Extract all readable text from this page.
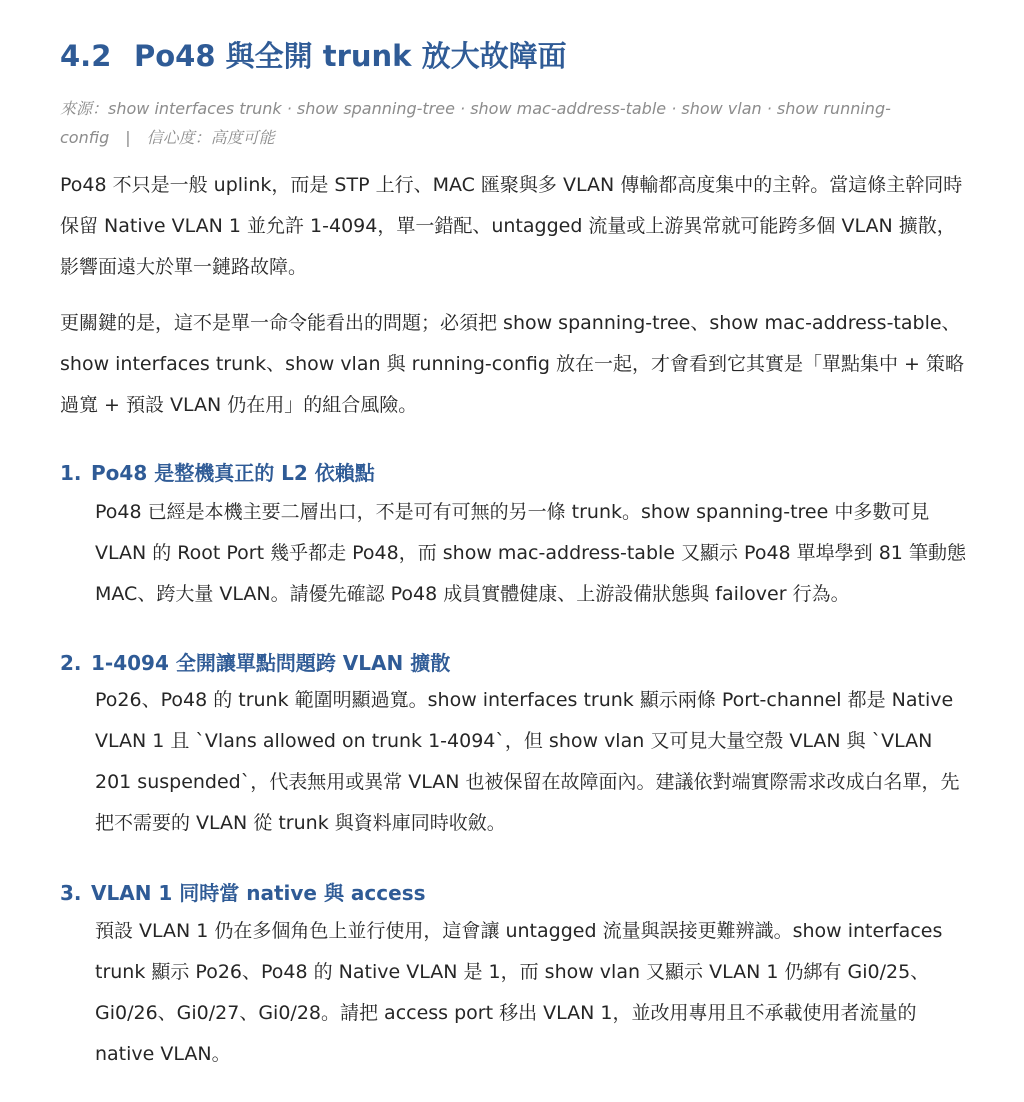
4.2 Po48 與全開 trunk 放大故障面
來源：show interfaces trunk · show spanning-tree · show mac-address-table · show vlan · show running-config　|　信心度：高度可能

Po48 不只是一般 uplink，而是 STP 上行、MAC 匯聚與多 VLAN 傳輸都高度集中的主幹。當這條主幹同時保留 Native VLAN 1 並允許 1-4094，單一錯配、untagged 流量或上游異常就可能跨多個 VLAN 擴散，影響面遠大於單一鏈路故障。

更關鍵的是，這不是單一命令能看出的問題；必須把 show spanning-tree、show mac-address-table、show interfaces trunk、show vlan 與 running-config 放在一起，才會看到它其實是「單點集中 + 策略過寬 + 預設 VLAN 仍在用」的組合風險。

1. Po48 是整機真正的 L2 依賴點

Po48 已經是本機主要二層出口，不是可有可無的另一條 trunk。show spanning-tree 中多數可見 VLAN 的 Root Port 幾乎都走 Po48，而 show mac-address-table 又顯示 Po48 單埠學到 81 筆動態 MAC、跨大量 VLAN。請優先確認 Po48 成員實體健康、上游設備狀態與 failover 行為。

2. 1-4094 全開讓單點問題跨 VLAN 擴散

Po26、Po48 的 trunk 範圍明顯過寬。show interfaces trunk 顯示兩條 Port-channel 都是 Native VLAN 1 且 `Vlans allowed on trunk 1-4094`，但 show vlan 又可見大量空殼 VLAN 與 `VLAN 201 suspended`，代表無用或異常 VLAN 也被保留在故障面內。建議依對端實際需求改成白名單，先把不需要的 VLAN 從 trunk 與資料庫同時收斂。

3. VLAN 1 同時當 native 與 access

預設 VLAN 1 仍在多個角色上並行使用，這會讓 untagged 流量與誤接更難辨識。show interfaces trunk 顯示 Po26、Po48 的 Native VLAN 是 1，而 show vlan 又顯示 VLAN 1 仍綁有 Gi0/25、Gi0/26、Gi0/27、Gi0/28。請把 access port 移出 VLAN 1，並改用專用且不承載使用者流量的 native VLAN。
